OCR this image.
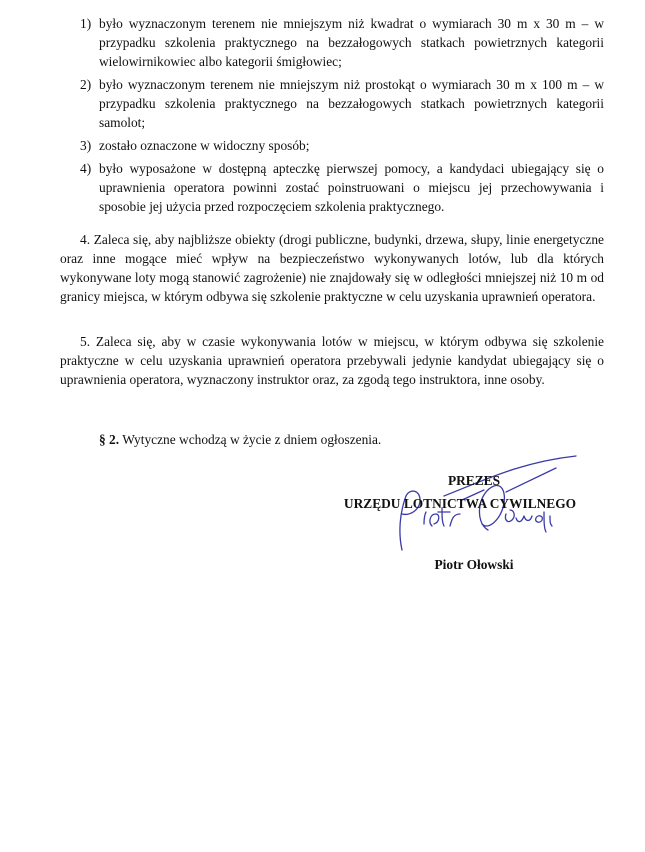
1) było wyznaczonym terenem nie mniejszym niż kwadrat o wymiarach 30 m x 30 m – w przypadku szkolenia praktycznego na bezzałogowych statkach powietrznych kategorii wielowirnikowiec albo kategorii śmigłowiec;
2) było wyznaczonym terenem nie mniejszym niż prostokąt o wymiarach 30 m x 100 m – w przypadku szkolenia praktycznego na bezzałogowych statkach powietrznych kategorii samolot;
3) zostało oznaczone w widoczny sposób;
4) było wyposażone w dostępną apteczkę pierwszej pomocy, a kandydaci ubiegający się o uprawnienia operatora powinni zostać poinstruowani o miejscu jej przechowywania i sposobie jej użycia przed rozpoczęciem szkolenia praktycznego.

4. Zaleca się, aby najbliższe obiekty (drogi publiczne, budynki, drzewa, słupy, linie energetyczne oraz inne mogące mieć wpływ na bezpieczeństwo wykonywanych lotów, lub dla których wykonywane loty mogą stanowić zagrożenie) nie znajdowały się w odległości mniejszej niż 10 m od granicy miejsca, w którym odbywa się szkolenie praktyczne w celu uzyskania uprawnień operatora.

5. Zaleca się, aby w czasie wykonywania lotów w miejscu, w którym odbywa się szkolenie praktyczne w celu uzyskania uprawnień operatora przebywali jedynie kandydat ubiegający się o uprawnienia operatora, wyznaczony instruktor oraz, za zgodą tego instruktora, inne osoby.

§ 2. Wytyczne wchodzą w życie z dniem ogłoszenia.

PREZES
URZĘDU LOTNICTWA CYWILNEGO
Piotr Ołowski
